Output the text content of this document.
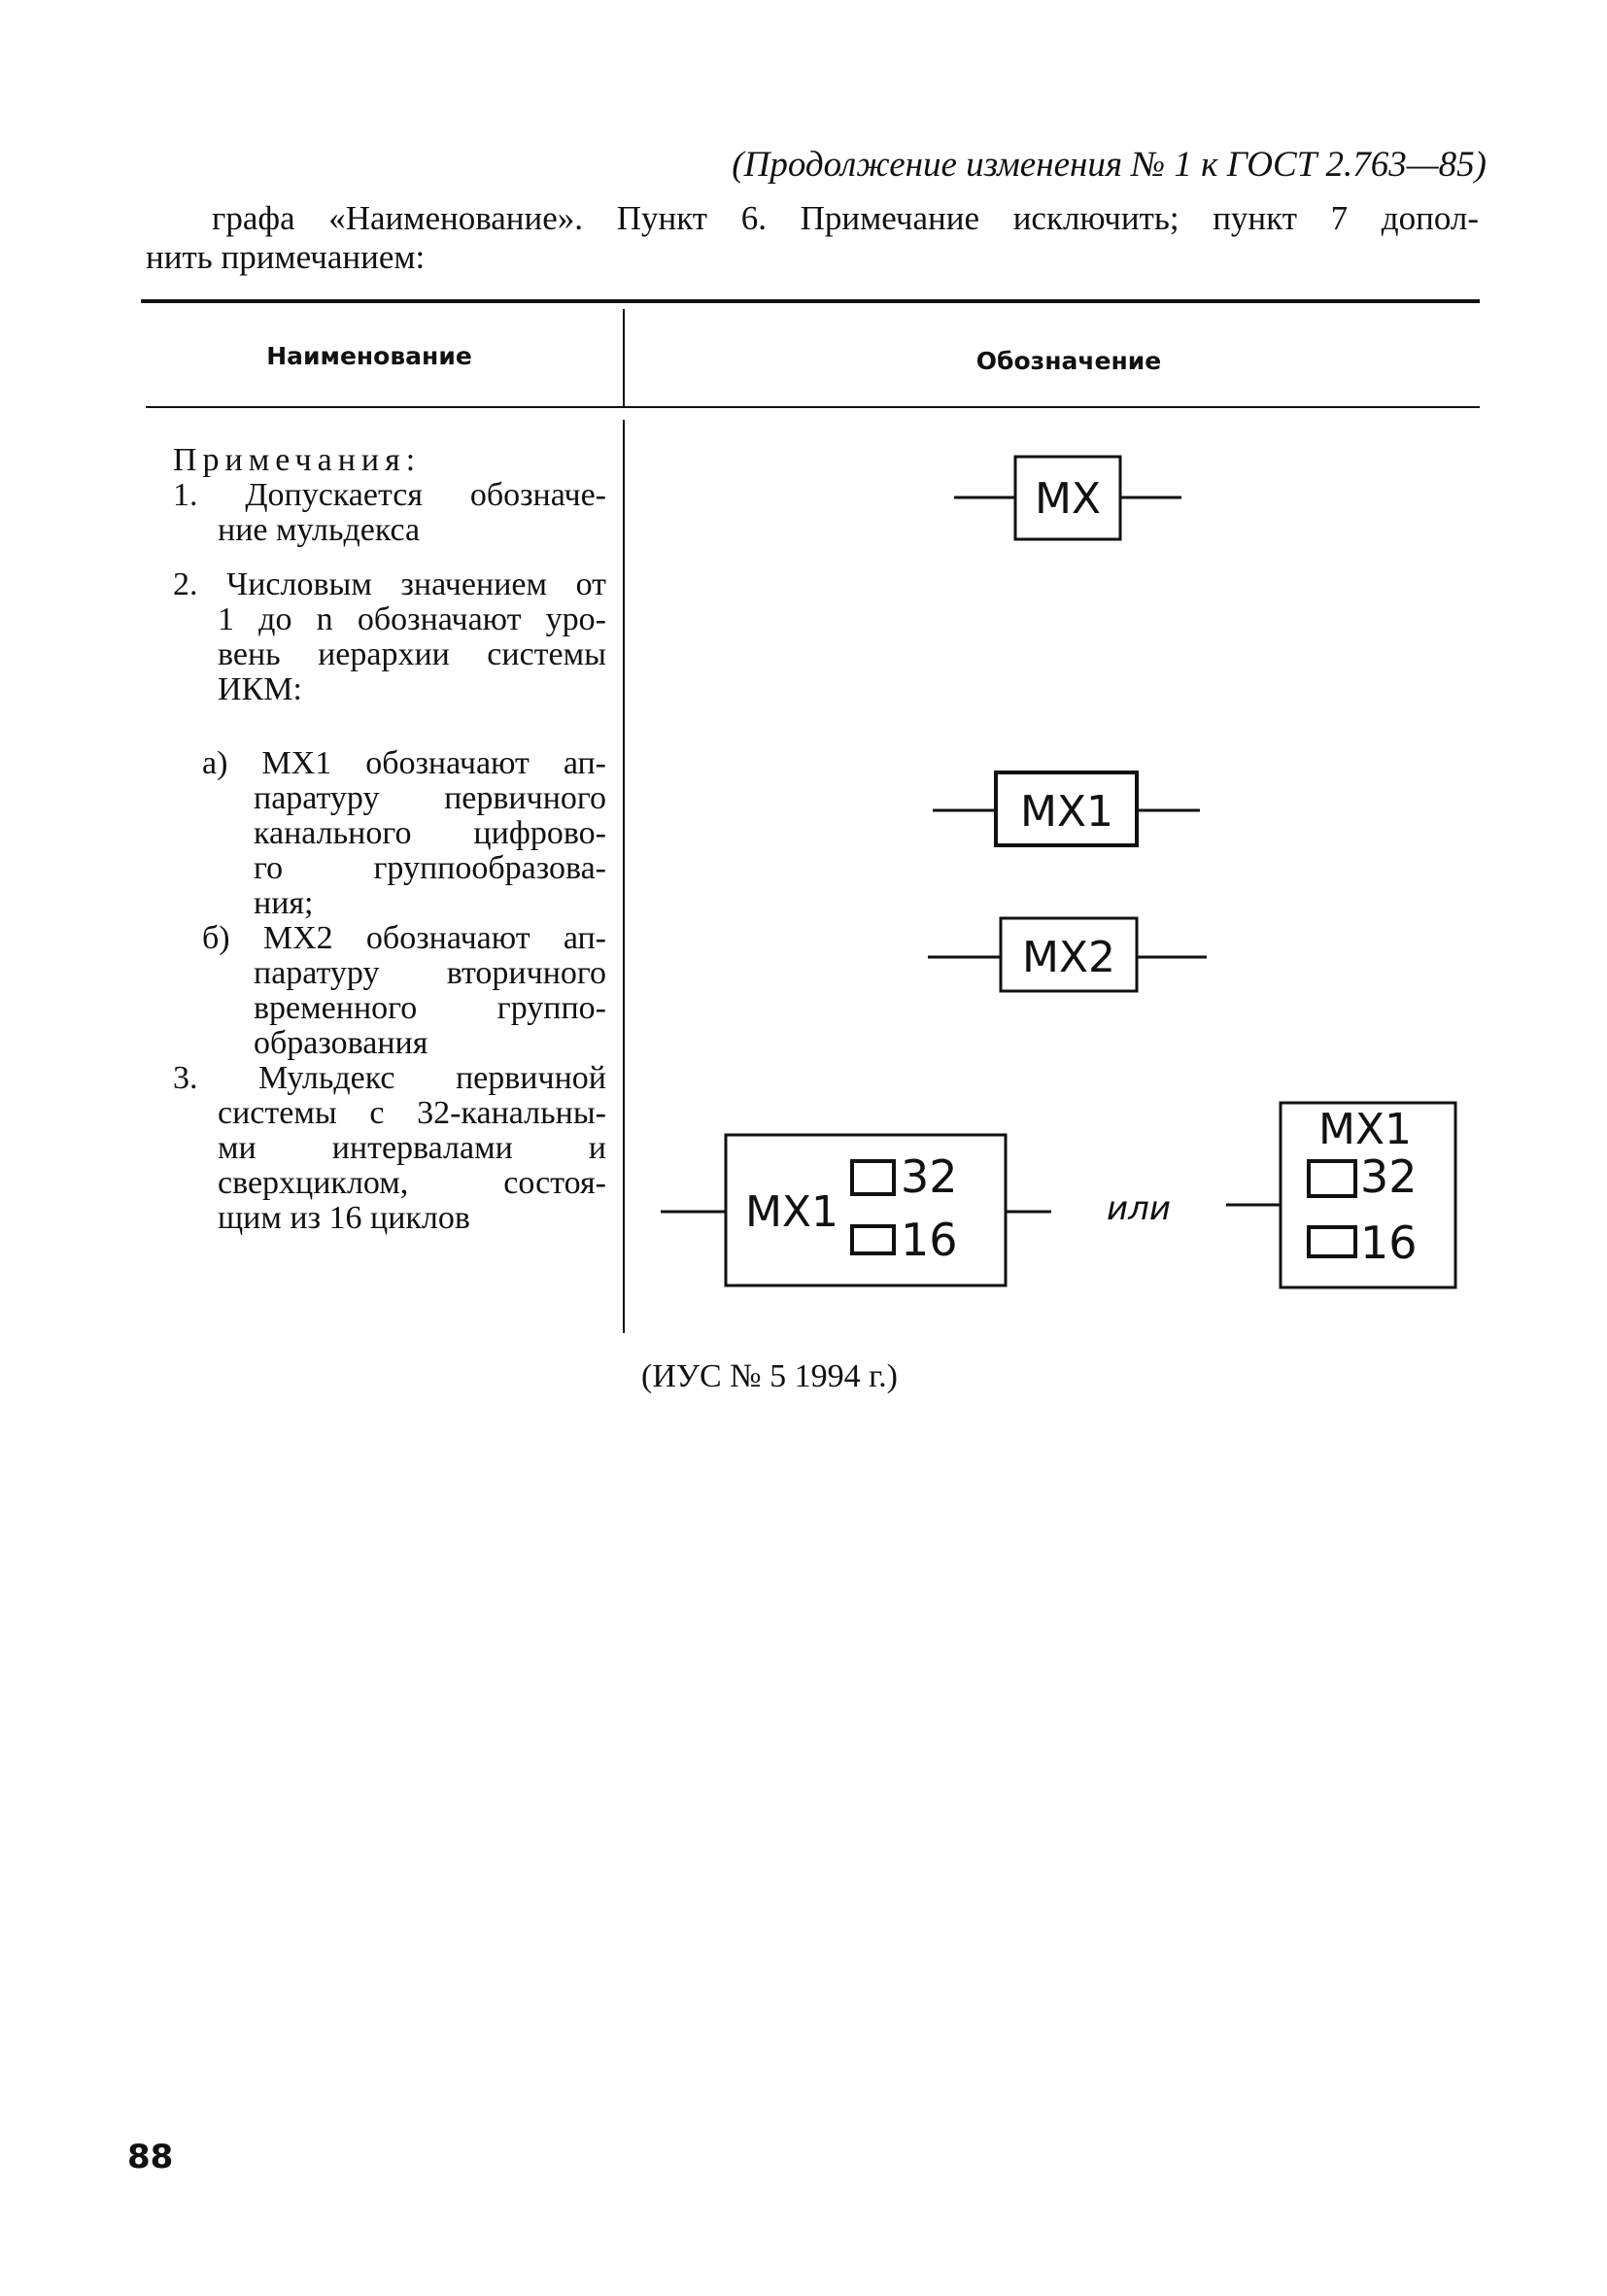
(Продолжение изменения № 1 к ГОСТ 2.763—85)
графа «Наименование». Пункт 6. Примечание исключить; пункт 7 допол-
нить примечанием:
Наименование	Обозначение

Примечания:

1. Допускается обозначе-

ние мульдекса

2. Числовым значением от

1 до n обозначают уро-

вень иерархии системы

ИКМ:

а) МХ1 обозначают ап-

паратуру первичного

канального цифрово-

го группообразова-

ния;

б) МХ2 обозначают ап-

паратуру вторичного

временного группо-

образования

3. Мульдекс первичной

системы с 32-канальны-

ми интервалами и

сверхциклом, состоя-

щим из 16 циклов

МХ
МХ1
МХ2
МХ1
32
16
или
МХ1
32
16
(ИУС № 5 1994 г.)
88
